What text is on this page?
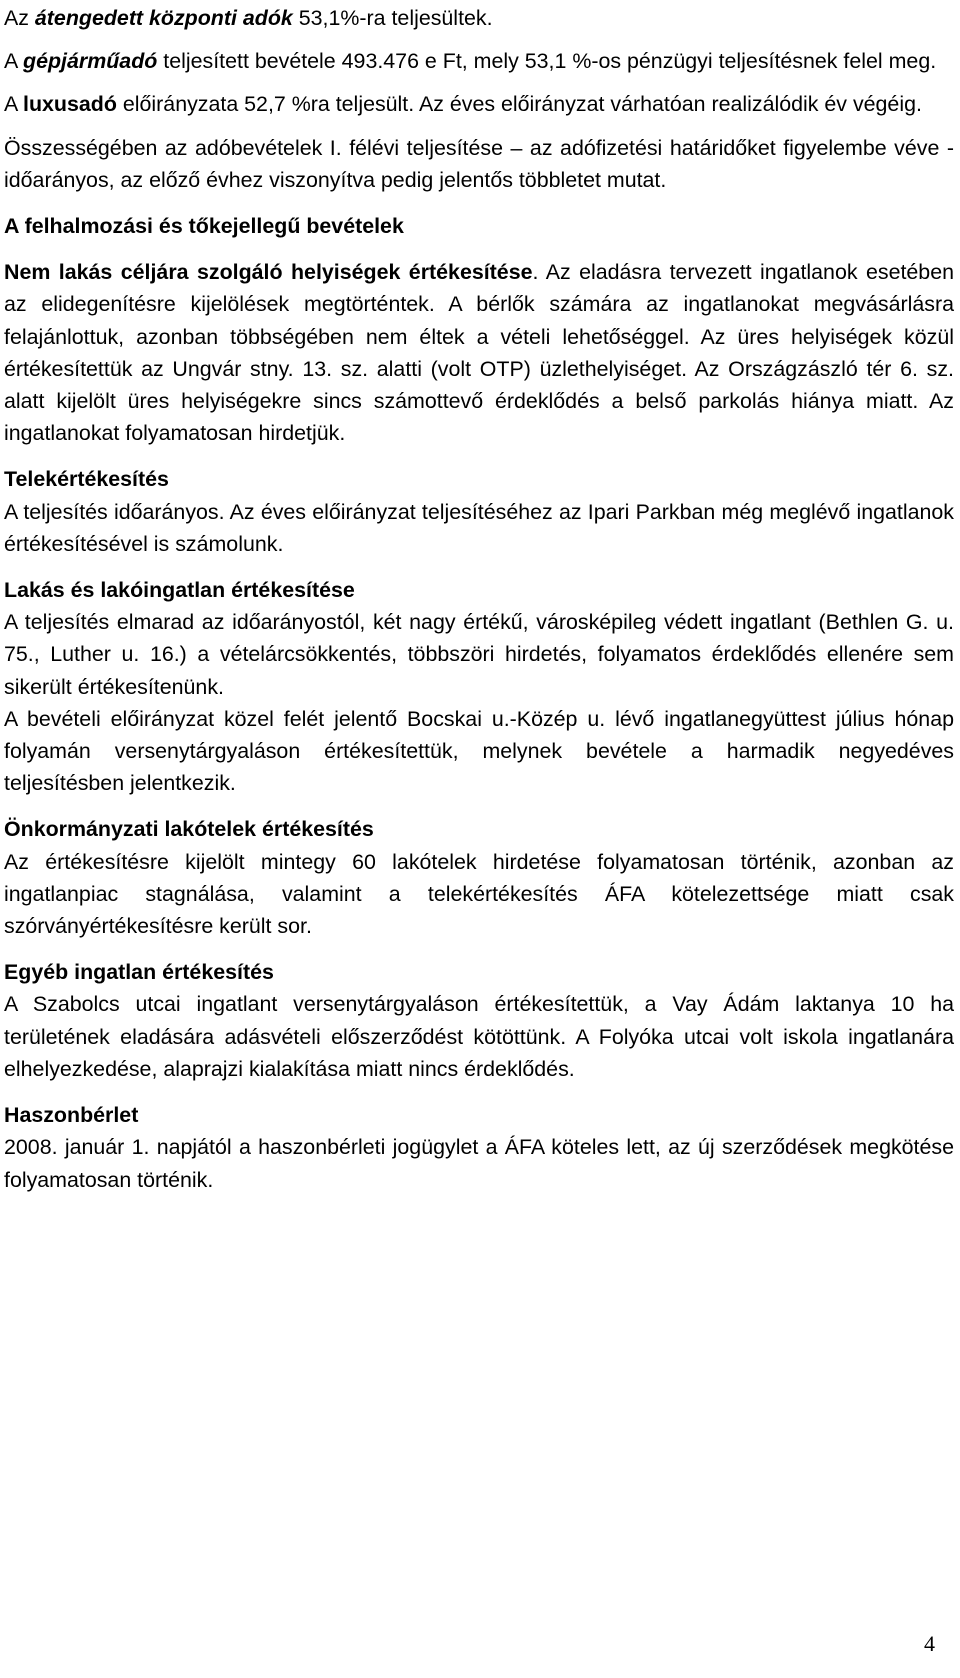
Az átengedett központi adók 53,1%-ra teljesültek.

A gépjárműadó teljesített bevétele 493.476 e Ft, mely 53,1 %-os pénzügyi teljesítésnek felel meg.

A luxusadó előirányzata 52,7 %ra teljesült. Az éves előirányzat várhatóan realizálódik év végéig.

Összességében az adóbevételek I. félévi teljesítése – az adófizetési határidőket figyelembe véve - időarányos, az előző évhez viszonyítva pedig jelentős többletet mutat.

A felhalmozási és tőkejellegű bevételek

Nem lakás céljára szolgáló helyiségek értékesítése. Az eladásra tervezett ingatlanok esetében az elidegenítésre kijelölések megtörténtek. A bérlők számára az ingatlanokat megvásárlásra felajánlottuk, azonban többségében nem éltek a vételi lehetőséggel. Az üres helyiségek közül értékesítettük az Ungvár stny. 13. sz. alatti (volt OTP) üzlethelyiséget. Az Országzászló tér 6. sz. alatt kijelölt üres helyiségekre sincs számottevő érdeklődés a belső parkolás hiánya miatt. Az ingatlanokat folyamatosan hirdetjük.

Telekértékesítés

A teljesítés időarányos. Az éves előirányzat teljesítéséhez az Ipari Parkban még meglévő ingatlanok értékesítésével is számolunk.

Lakás és lakóingatlan értékesítése

A teljesítés elmarad az időarányostól, két nagy értékű, városképileg védett ingatlant (Bethlen G. u. 75., Luther u. 16.) a vételárcsökkentés, többszöri hirdetés, folyamatos érdeklődés ellenére sem sikerült értékesítenünk.

A bevételi előirányzat közel felét jelentő Bocskai u.-Közép u. lévő ingatlanegyüttest július hónap folyamán versenytárgyaláson értékesítettük, melynek bevétele a harmadik negyedéves teljesítésben jelentkezik.

Önkormányzati lakótelek értékesítés

Az értékesítésre kijelölt mintegy 60 lakótelek hirdetése folyamatosan történik, azonban az ingatlanpiac stagnálása, valamint a telekértékesítés ÁFA kötelezettsége miatt csak szórványértékesítésre került sor.

Egyéb ingatlan értékesítés

A Szabolcs utcai ingatlant versenytárgyaláson értékesítettük, a Vay Ádám laktanya 10 ha területének eladására adásvételi előszerződést kötöttünk. A Folyóka utcai volt iskola ingatlanára elhelyezkedése, alaprajzi kialakítása miatt nincs érdeklődés.

Haszonbérlet

2008. január 1. napjától a haszonbérleti jogügylet a ÁFA köteles lett, az új szerződések megkötése folyamatosan történik.

4
